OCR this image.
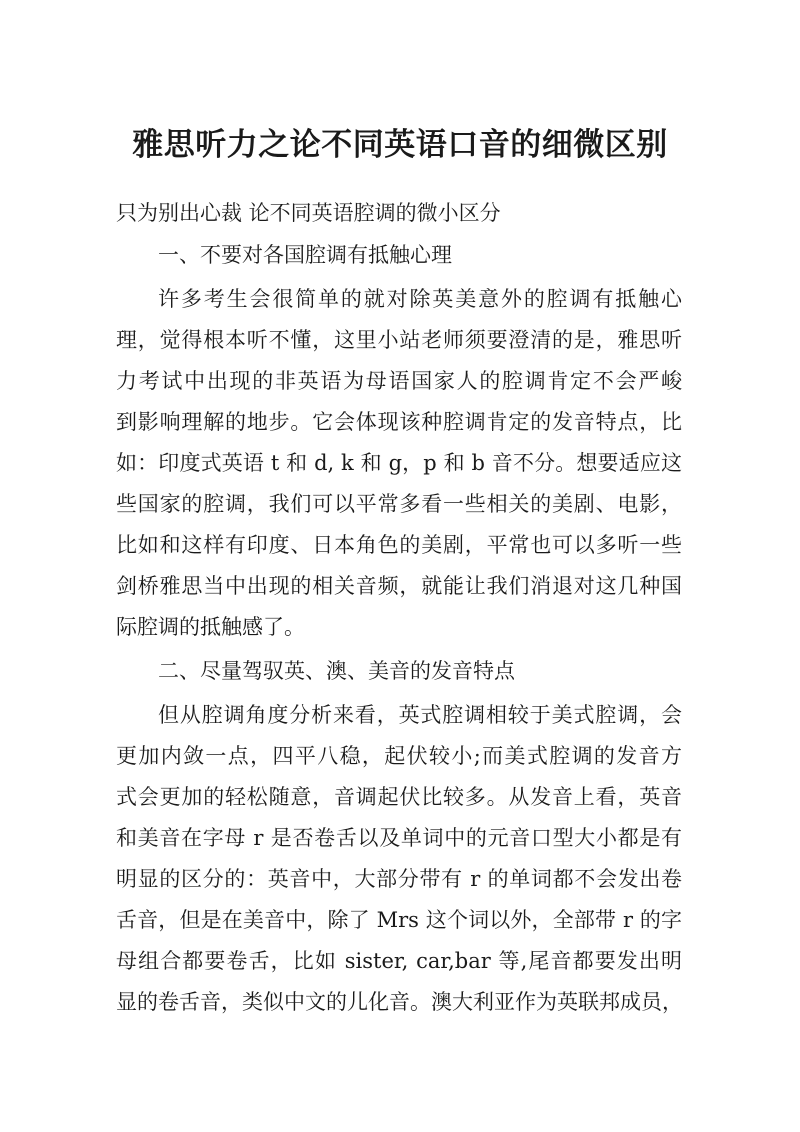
雅思听力之论不同英语口音的细微区别
只为别出心裁 论不同英语腔调的微小区分
一、不要对各国腔调有抵触心理
许多考生会很简单的就对除英美意外的腔调有抵触心
理，觉得根本听不懂，这里小站老师须要澄清的是，雅思听
力考试中出现的非英语为母语国家人的腔调肯定不会严峻
到影响理解的地步。它会体现该种腔调肯定的发音特点，比
如：印度式英语 t 和 d, k 和 g，p 和 b 音不分。想要适应这
些国家的腔调，我们可以平常多看一些相关的美剧、电影，
比如和这样有印度、日本角色的美剧，平常也可以多听一些
剑桥雅思当中出现的相关音频，就能让我们消退对这几种国
际腔调的抵触感了。
二、尽量驾驭英、澳、美音的发音特点
但从腔调角度分析来看，英式腔调相较于美式腔调，会
更加内敛一点，四平八稳，起伏较小;而美式腔调的发音方
式会更加的轻松随意，音调起伏比较多。从发音上看，英音
和美音在字母 r 是否卷舌以及单词中的元音口型大小都是有
明显的区分的：英音中，大部分带有 r 的单词都不会发出卷
舌音，但是在美音中，除了 Mrs 这个词以外，全部带 r 的字
母组合都要卷舌，比如 sister, car,bar 等,尾音都要发出明
显的卷舌音，类似中文的儿化音。澳大利亚作为英联邦成员，
